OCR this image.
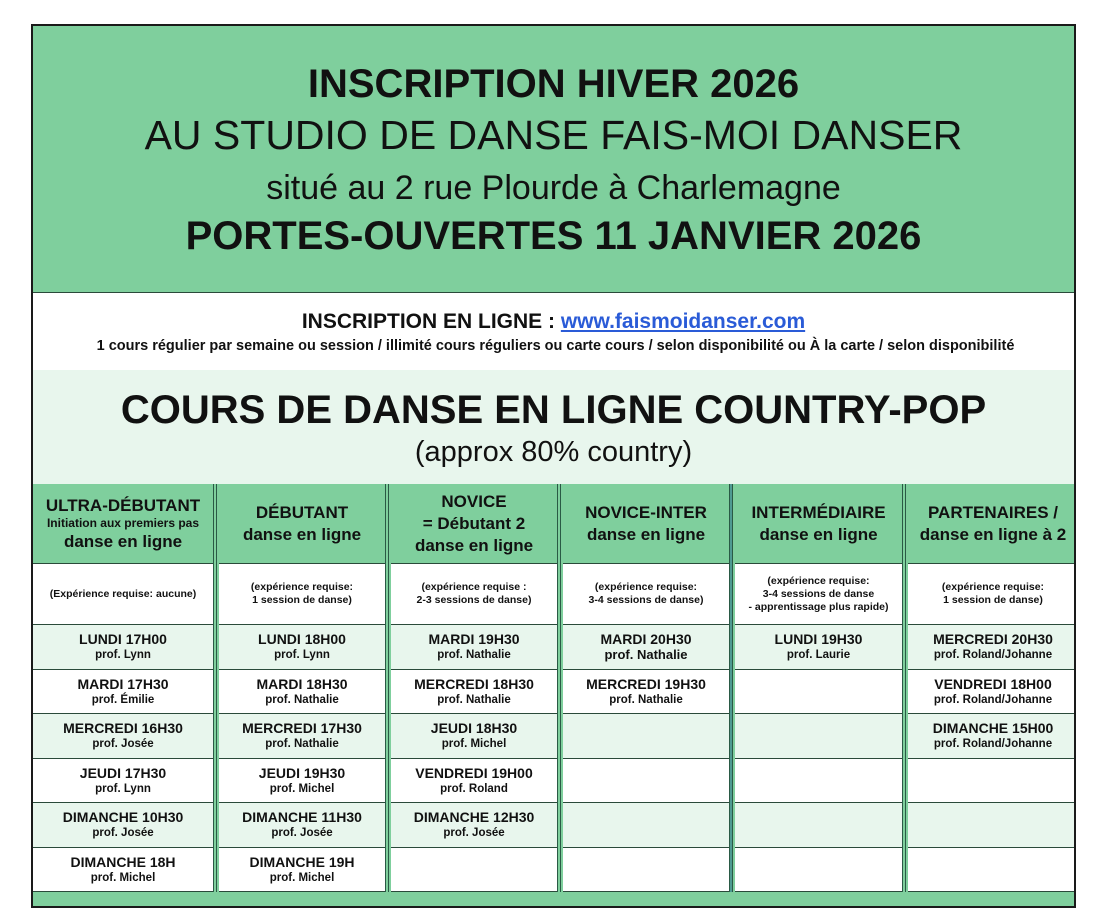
INSCRIPTION HIVER 2026
AU STUDIO DE DANSE FAIS-MOI DANSER
situé au 2 rue Plourde à Charlemagne
PORTES-OUVERTES 11 JANVIER 2026
INSCRIPTION EN LIGNE : www.faismoidanser.com
1 cours régulier par semaine ou session / illimité cours réguliers ou carte cours / selon disponibilité ou À la carte / selon disponibilité
COURS DE DANSE EN LIGNE COUNTRY-POP
(approx 80% country)
ULTRA-DÉBUTANT
Initiation aux premiers pas
danse en ligne
(Expérience requise: aucune)
LUNDI 17H00
prof. Lynn
MARDI 17H30
prof. Émilie
MERCREDI 16H30
prof. Josée
JEUDI 17H30
prof. Lynn
DIMANCHE 10H30
prof. Josée
DIMANCHE 18H
prof. Michel
DÉBUTANT
danse en ligne
(expérience requise:
1 session de danse)
LUNDI 18H00
prof. Lynn
MARDI 18H30
prof. Nathalie
MERCREDI 17H30
prof. Nathalie
JEUDI 19H30
prof. Michel
DIMANCHE 11H30
prof. Josée
DIMANCHE 19H
prof. Michel
NOVICE
= Débutant 2
danse en ligne
(expérience requise :
2-3 sessions de danse)
MARDI 19H30
prof. Nathalie
MERCREDI 18H30
prof. Nathalie
JEUDI 18H30
prof. Michel
VENDREDI 19H00
prof. Roland
DIMANCHE 12H30
prof. Josée
NOVICE-INTER
danse en ligne
(expérience requise:
3-4 sessions de danse)
MARDI 20H30
prof. Nathalie
MERCREDI 19H30
prof. Nathalie
INTERMÉDIAIRE
danse en ligne
(expérience requise:
3-4 sessions de danse
- apprentissage plus rapide)
LUNDI 19H30
prof. Laurie
PARTENAIRES /
danse en ligne à 2
(expérience requise:
1 session de danse)
MERCREDI 20H30
prof. Roland/Johanne
VENDREDI 18H00
prof. Roland/Johanne
DIMANCHE 15H00
prof. Roland/Johanne
